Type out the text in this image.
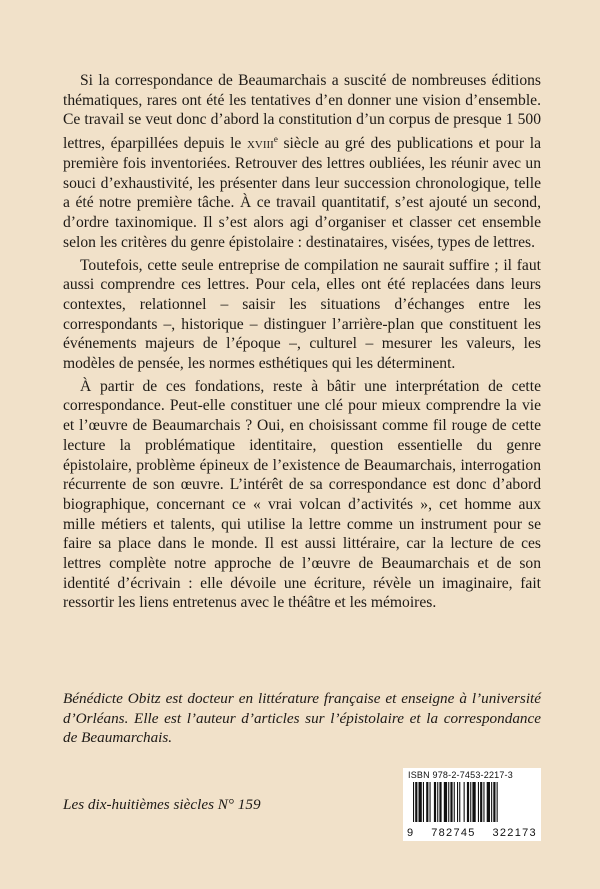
Si la correspondance de Beaumarchais a suscité de nombreuses éditions thématiques, rares ont été les tentatives d’en donner une vision d’ensemble. Ce travail se veut donc d’abord la constitution d’un corpus de presque 1 500 lettres, éparpillées depuis le xviii$^e$ siècle au gré des publications et pour la première fois inventoriées. Retrouver des lettres oubliées, les réunir avec un souci d’exhaustivité, les présenter dans leur succession chronologique, telle a été notre première tâche. À ce travail quantitatif, s’est ajouté un second, d’ordre taxinomique. Il s’est alors agi d’organiser et classer cet ensemble selon les critères du genre épistolaire : destinataires, visées, types de lettres.

Toutefois, cette seule entreprise de compilation ne saurait suffire ; il faut aussi comprendre ces lettres. Pour cela, elles ont été replacées dans leurs contextes, relationnel – saisir les situations d’échanges entre les correspondants –, historique – distinguer l’arrière-plan que constituent les événements majeurs de l’époque –, culturel – mesurer les valeurs, les modèles de pensée, les normes esthétiques qui les déterminent.

À partir de ces fondations, reste à bâtir une interprétation de cette correspondance. Peut-elle constituer une clé pour mieux comprendre la vie et l’œuvre de Beaumarchais ? Oui, en choisissant comme fil rouge de cette lecture la problématique identitaire, question essentielle du genre épistolaire, problème épineux de l’existence de Beaumarchais, interrogation récurrente de son œuvre. L’intérêt de sa correspondance est donc d’abord biographique, concernant ce « vrai volcan d’activités », cet homme aux mille métiers et talents, qui utilise la lettre comme un instrument pour se faire sa place dans le monde. Il est aussi littéraire, car la lecture de ces lettres complète notre approche de l’œuvre de Beaumarchais et de son identité d’écrivain : elle dévoile une écriture, révèle un imaginaire, fait ressortir les liens entretenus avec le théâtre et les mémoires.

Bénédicte Obitz est docteur en littérature française et enseigne à l’université d’Orléans. Elle est l’auteur d’articles sur l’épistolaire et la correspondance de Beaumarchais.
Les dix-huitièmes siècles N° 159
ISBN 978-2-7453-2217-3
9 782745 322173
